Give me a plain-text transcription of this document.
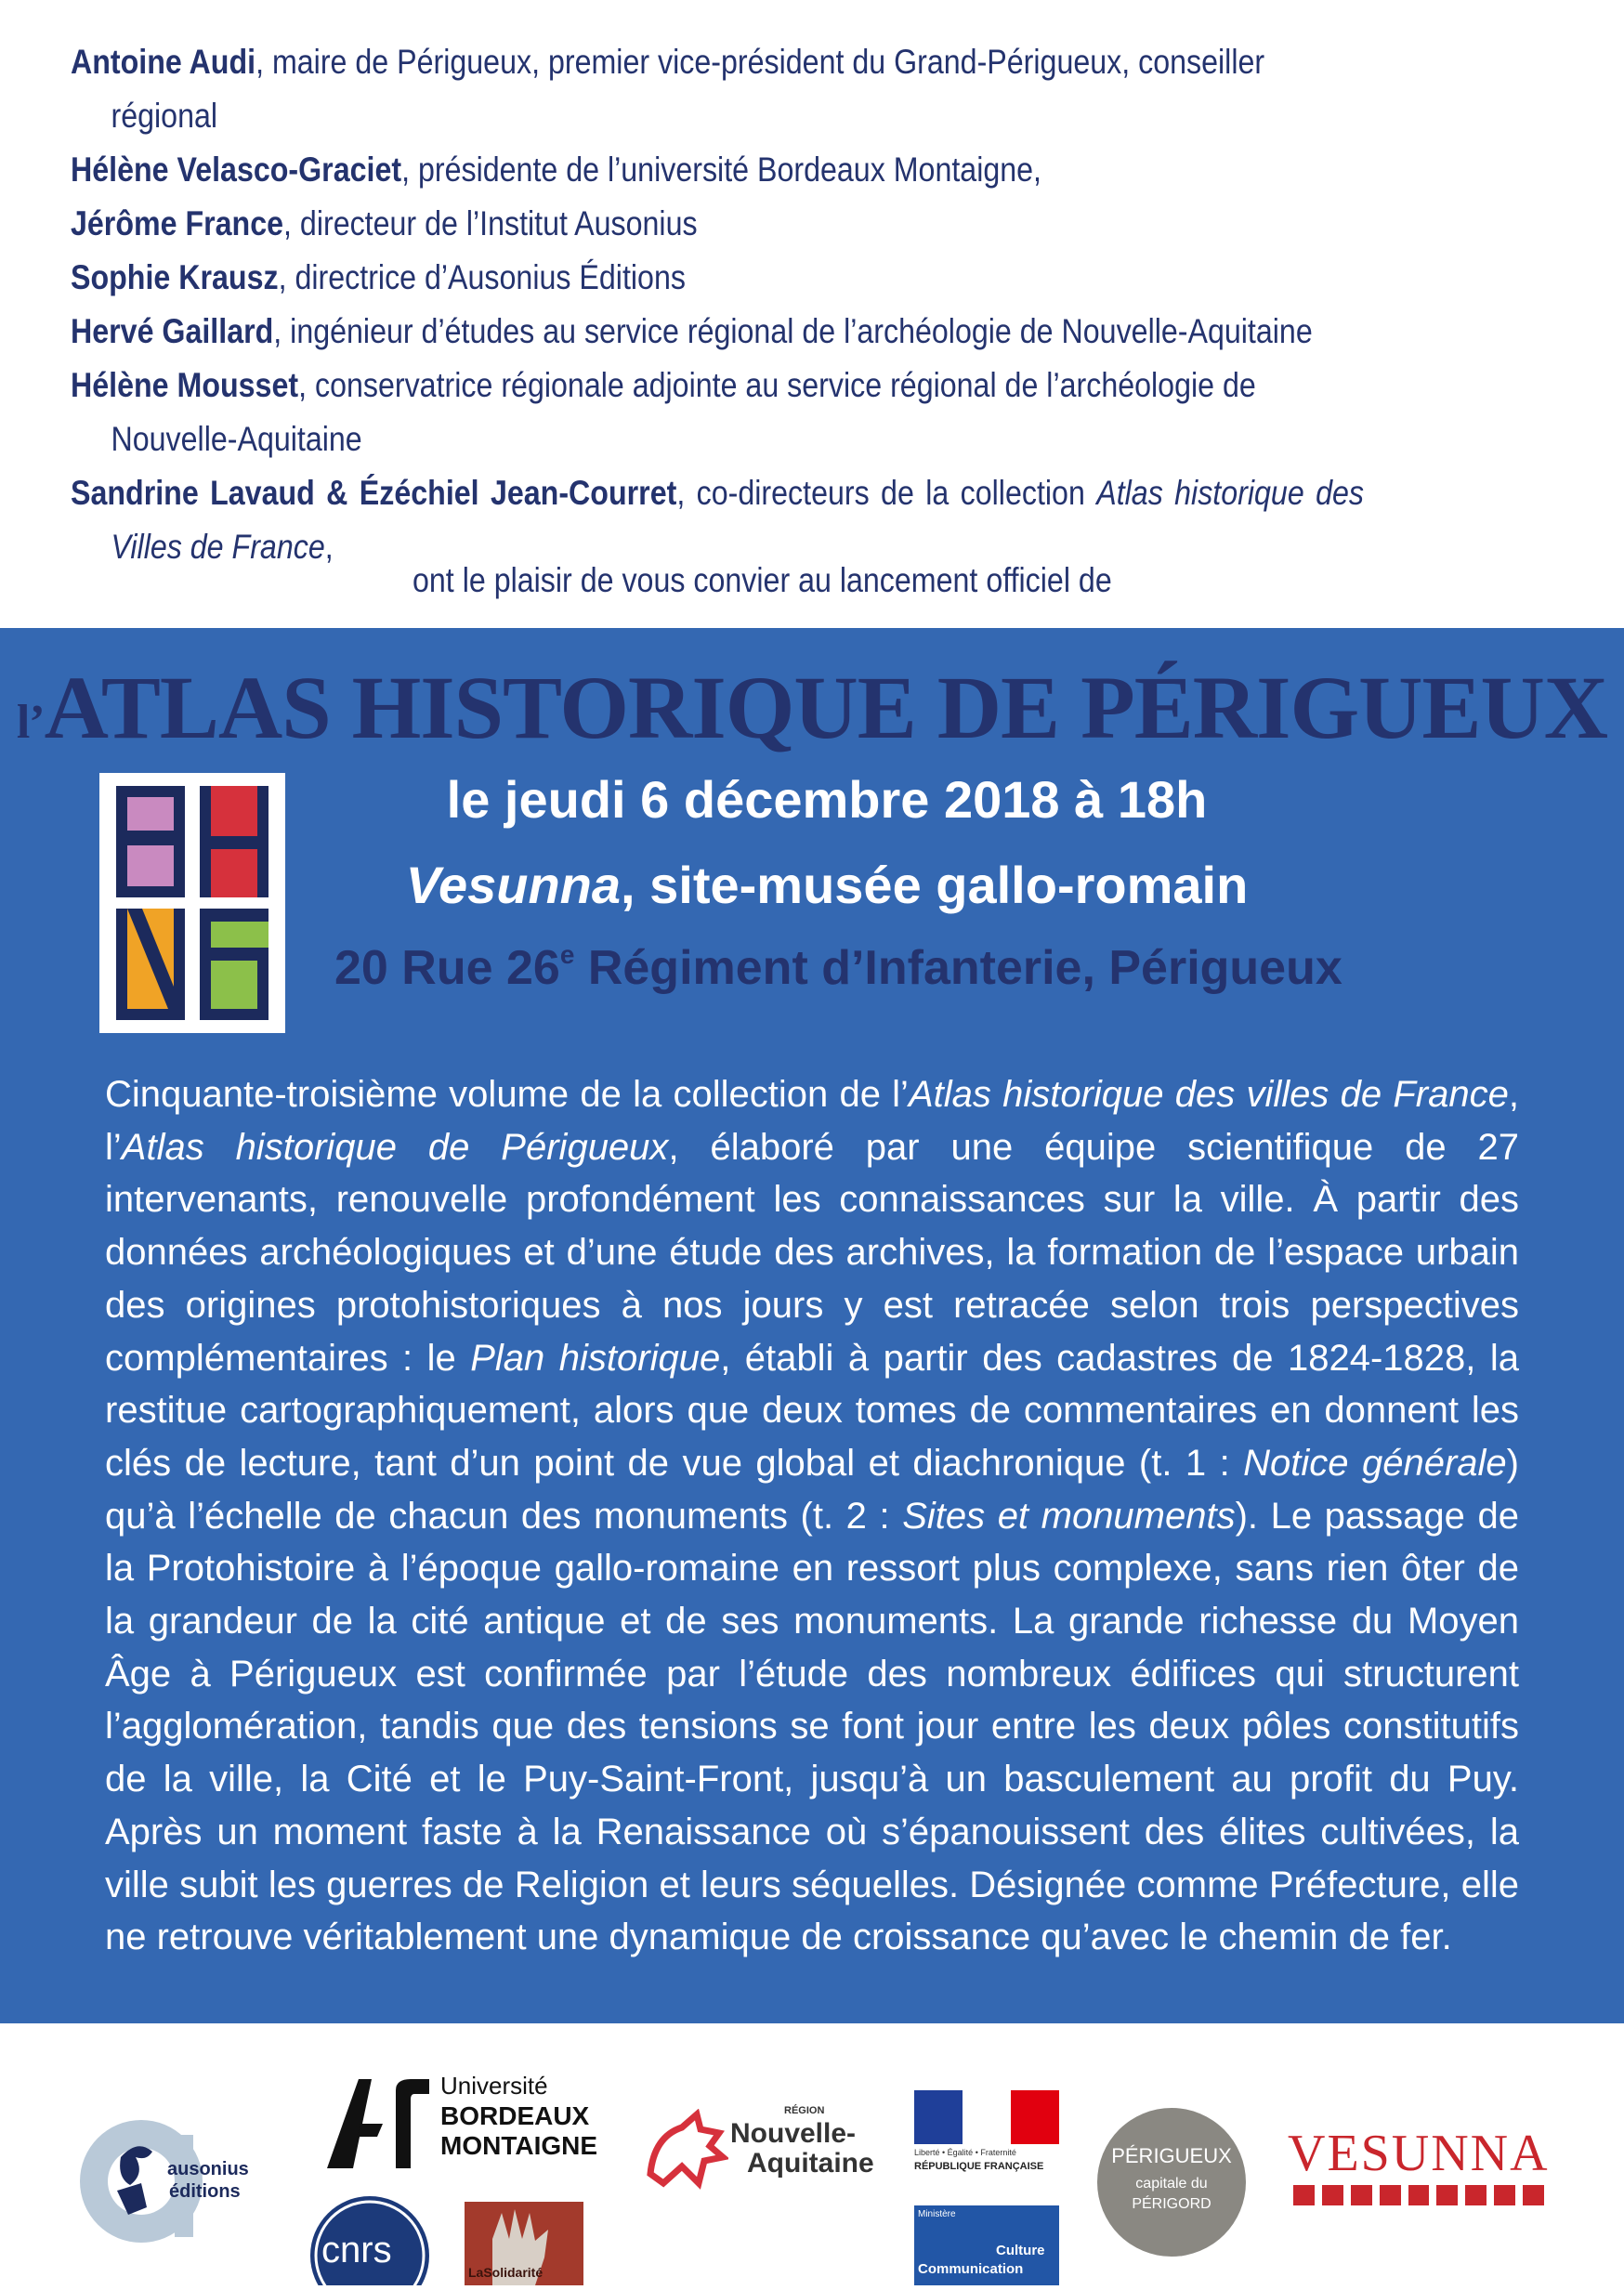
Antoine Audi, maire de Périgueux, premier vice-président du Grand-Périgueux, conseiller régional
Hélène Velasco-Graciet, présidente de l’université Bordeaux Montaigne,
Jérôme France, directeur de l’Institut Ausonius
Sophie Krausz, directrice d’Ausonius Éditions
Hervé Gaillard, ingénieur d’études au service régional de l’archéologie de Nouvelle-Aquitaine
Hélène Mousset, conservatrice régionale adjointe au service régional de l’archéologie de Nouvelle-Aquitaine
Sandrine Lavaud & Ézéchiel Jean-Courret, co-directeurs de la collection Atlas historique des Villes de France,
ont le plaisir de vous convier au lancement officiel de
l’ATLAS HISTORIQUE DE PÉRIGUEUX
le jeudi 6 décembre 2018 à 18h
Vesunna, site-musée gallo-romain
20 Rue 26e Régiment d’Infanterie, Périgueux
Cinquante-troisième volume de la collection de l’Atlas historique des villes de France, l’Atlas historique de Périgueux, élaboré par une équipe scientifique de 27 intervenants, renouvelle profondément les connaissances sur la ville. À partir des données archéologiques et d’une étude des archives, la formation de l’espace urbain des origines protohistoriques à nos jours y est retracée selon trois perspectives complémentaires : le Plan historique, établi à partir des cadastres de 1824-1828, la restitue cartographiquement, alors que deux tomes de commentaires en donnent les clés de lecture, tant d’un point de vue global et diachronique (t. 1 : Notice générale) qu’à l’échelle de chacun des monuments (t. 2 : Sites et monuments). Le passage de la Protohistoire à l’époque gallo-romaine en ressort plus complexe, sans rien ôter de la grandeur de la cité antique et de ses monuments. La grande richesse du Moyen Âge à Périgueux est confirmée par l’étude des nombreux édifices qui structurent l’agglomération, tandis que des tensions se font jour entre les deux pôles constitutifs de la ville, la Cité et le Puy-Saint-Front, jusqu’à un basculement au profit du Puy. Après un moment faste à la Renaissance où s’épanouissent des élites cultivées, la ville subit les guerres de Religion et leurs séquelles. Désignée comme Préfecture, elle ne retrouve véritablement une dynamique de croissance qu’avec le chemin de fer.
ausonius
éditions
Université
BORDEAUX
MONTAIGNE
cnrs
LaSolidarité
RÉGION
Nouvelle-
Aquitaine	Liberté • Égalité • Fraternité
RÉPUBLIQUE FRANÇAISE
Ministère
Culture
Communication
PÉRIGUEUX
capitale du
PÉRIGORD
VESUNNA
